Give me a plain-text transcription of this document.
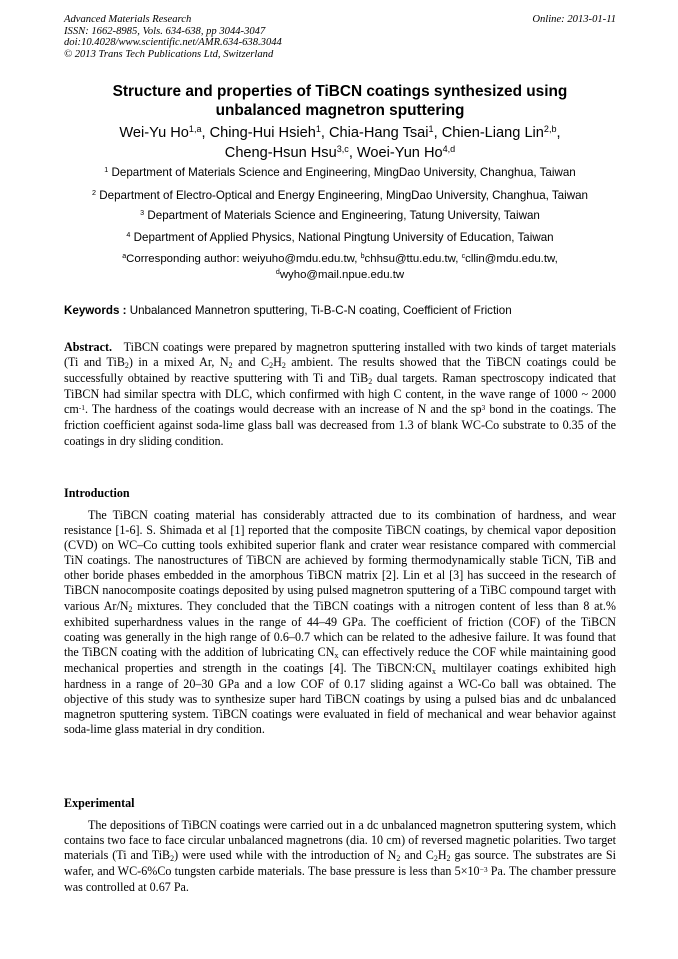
Advanced Materials Research
ISSN: 1662-8985, Vols. 634-638, pp 3044-3047
doi:10.4028/www.scientific.net/AMR.634-638.3044
© 2013 Trans Tech Publications Ltd, Switzerland
Online: 2013-01-11
Structure and properties of TiBCN coatings synthesized using
unbalanced magnetron sputtering
Wei-Yu Ho$^{1,a}$, Ching-Hui Hsieh$^1$, Chia-Hang Tsai$^1$, Chien-Liang Lin$^{2,b}$,
Cheng-Hsun Hsu$^{3,c}$, Woei-Yun Ho$^{4,d}$
$^1$ Department of Materials Science and Engineering, MingDao University, Changhua, Taiwan
$^2$ Department of Electro-Optical and Energy Engineering, MingDao University, Changhua, Taiwan
$^3$ Department of Materials Science and Engineering, Tatung University, Taiwan
$^4$ Department of Applied Physics, National Pingtung University of Education, Taiwan
$^a$Corresponding author: weiyuho@mdu.edu.tw, $^b$chhsu@ttu.edu.tw, $^c$cllin@mdu.edu.tw,
$^d$wyho@mail.npue.edu.tw
Keywords : Unbalanced Mannetron sputtering, Ti-B-C-N coating, Coefficient of Friction
Abstract. TiBCN coatings were prepared by magnetron sputtering installed with two kinds of target materials (Ti and TiB$_2$) in a mixed Ar, $N_2$ and $C_2H_2$ ambient. The results showed that the TiBCN coatings could be successfully obtained by reactive sputtering with Ti and TiB$_2$ dual targets. Raman spectroscopy indicated that TiBCN had similar spectra with DLC, which confirmed with high C content, in the wave range of 1000 ~ 2000 $cm^{-1}$. The hardness of the coatings would decrease with an increase of N and the $sp^3$ bond in the coatings. The friction coefficient against soda-lime glass ball was decreased from 1.3 of blank WC-Co substrate to 0.35 of the coatings in dry sliding condition.
Introduction
The TiBCN coating material has considerably attracted due to its combination of hardness, and wear resistance [1-6]. S. Shimada et al [1] reported that the composite TiBCN coatings, by chemical vapor deposition (CVD) on WC–Co cutting tools exhibited superior flank and crater wear resistance compared with commercial TiN coatings. The nanostructures of TiBCN are achieved by forming thermodynamically stable TiCN, TiB and other boride phases embedded in the amorphous TiBCN matrix [2]. Lin et al [3] has succeed in the research of TiBCN nanocomposite coatings deposited by using pulsed magnetron sputtering of a TiBC compound target with various $Ar/N_2$ mixtures. They concluded that the TiBCN coatings with a nitrogen content of less than 8 at.% exhibited superhardness values in the range of 44–49 GPa. The coefficient of friction (COF) of the TiBCN coating was generally in the high range of 0.6–0.7 which can be related to the adhesive failure. It was found that the TiBCN coating with the addition of lubricating $CN_x$ can effectively reduce the COF while maintaining good mechanical properties and strength in the coatings [4]. The $TiBCN:CN_x$ multilayer coatings exhibited high hardness in a range of 20–30 GPa and a low COF of 0.17 sliding against a WC-Co ball was obtained. The objective of this study was to synthesize super hard TiBCN coatings by using a pulsed bias and dc unbalanced magnetron sputtering system. TiBCN coatings were evaluated in field of mechanical and wear behavior against soda-lime glass material in dry condition.
Experimental
The depositions of TiBCN coatings were carried out in a dc unbalanced magnetron sputtering system, which contains two face to face circular unbalanced magnetrons (dia. 10 cm) of reversed magnetic polarities. Two target materials (Ti and TiB$_2$) were used while with the introduction of $N_2$ and $C_2H_2$ gas source. The substrates are Si wafer, and WC-6%Co tungsten carbide materials. The base pressure is less than $5\times 10^{-3}$ Pa. The chamber pressure was controlled at 0.67 Pa.
